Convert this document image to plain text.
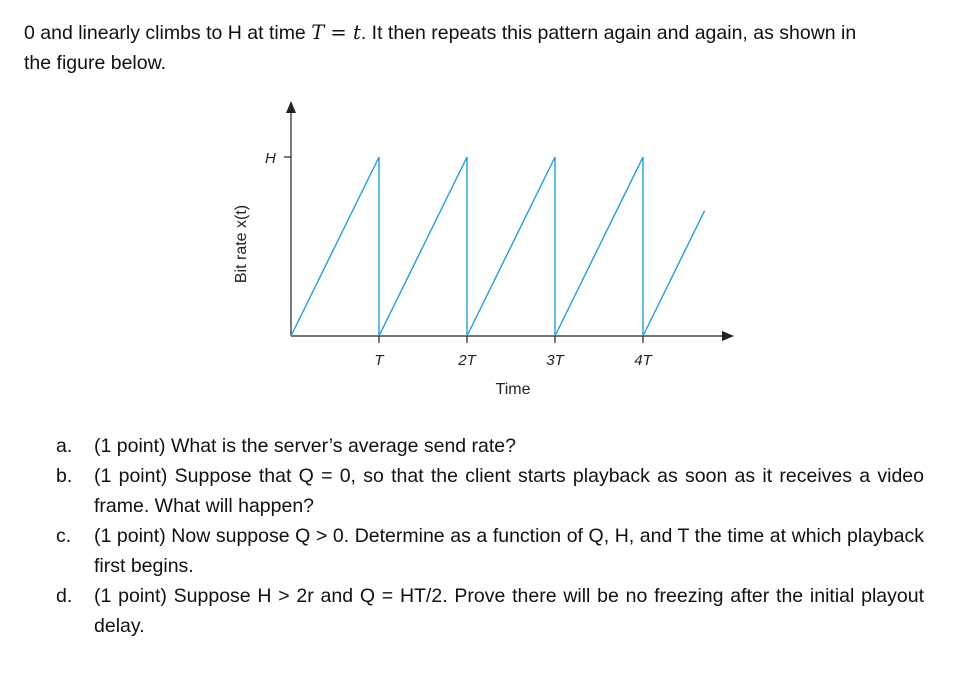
0 and linearly climbs to H at time T = t. It then repeats this pattern again and again, as shown in
the figure below.
H
Bit rate x(t)
T	2T	3T	4T
Time
a. (1 point) What is the server’s average send rate?
b. (1 point) Suppose that Q = 0, so that the client starts playback as soon as it receives a video frame. What will happen?
c. (1 point) Now suppose Q > 0. Determine as a function of Q, H, and T the time at which playback first begins.
d. (1 point) Suppose H > 2r and Q = HT/2. Prove there will be no freezing after the initial playout delay.
